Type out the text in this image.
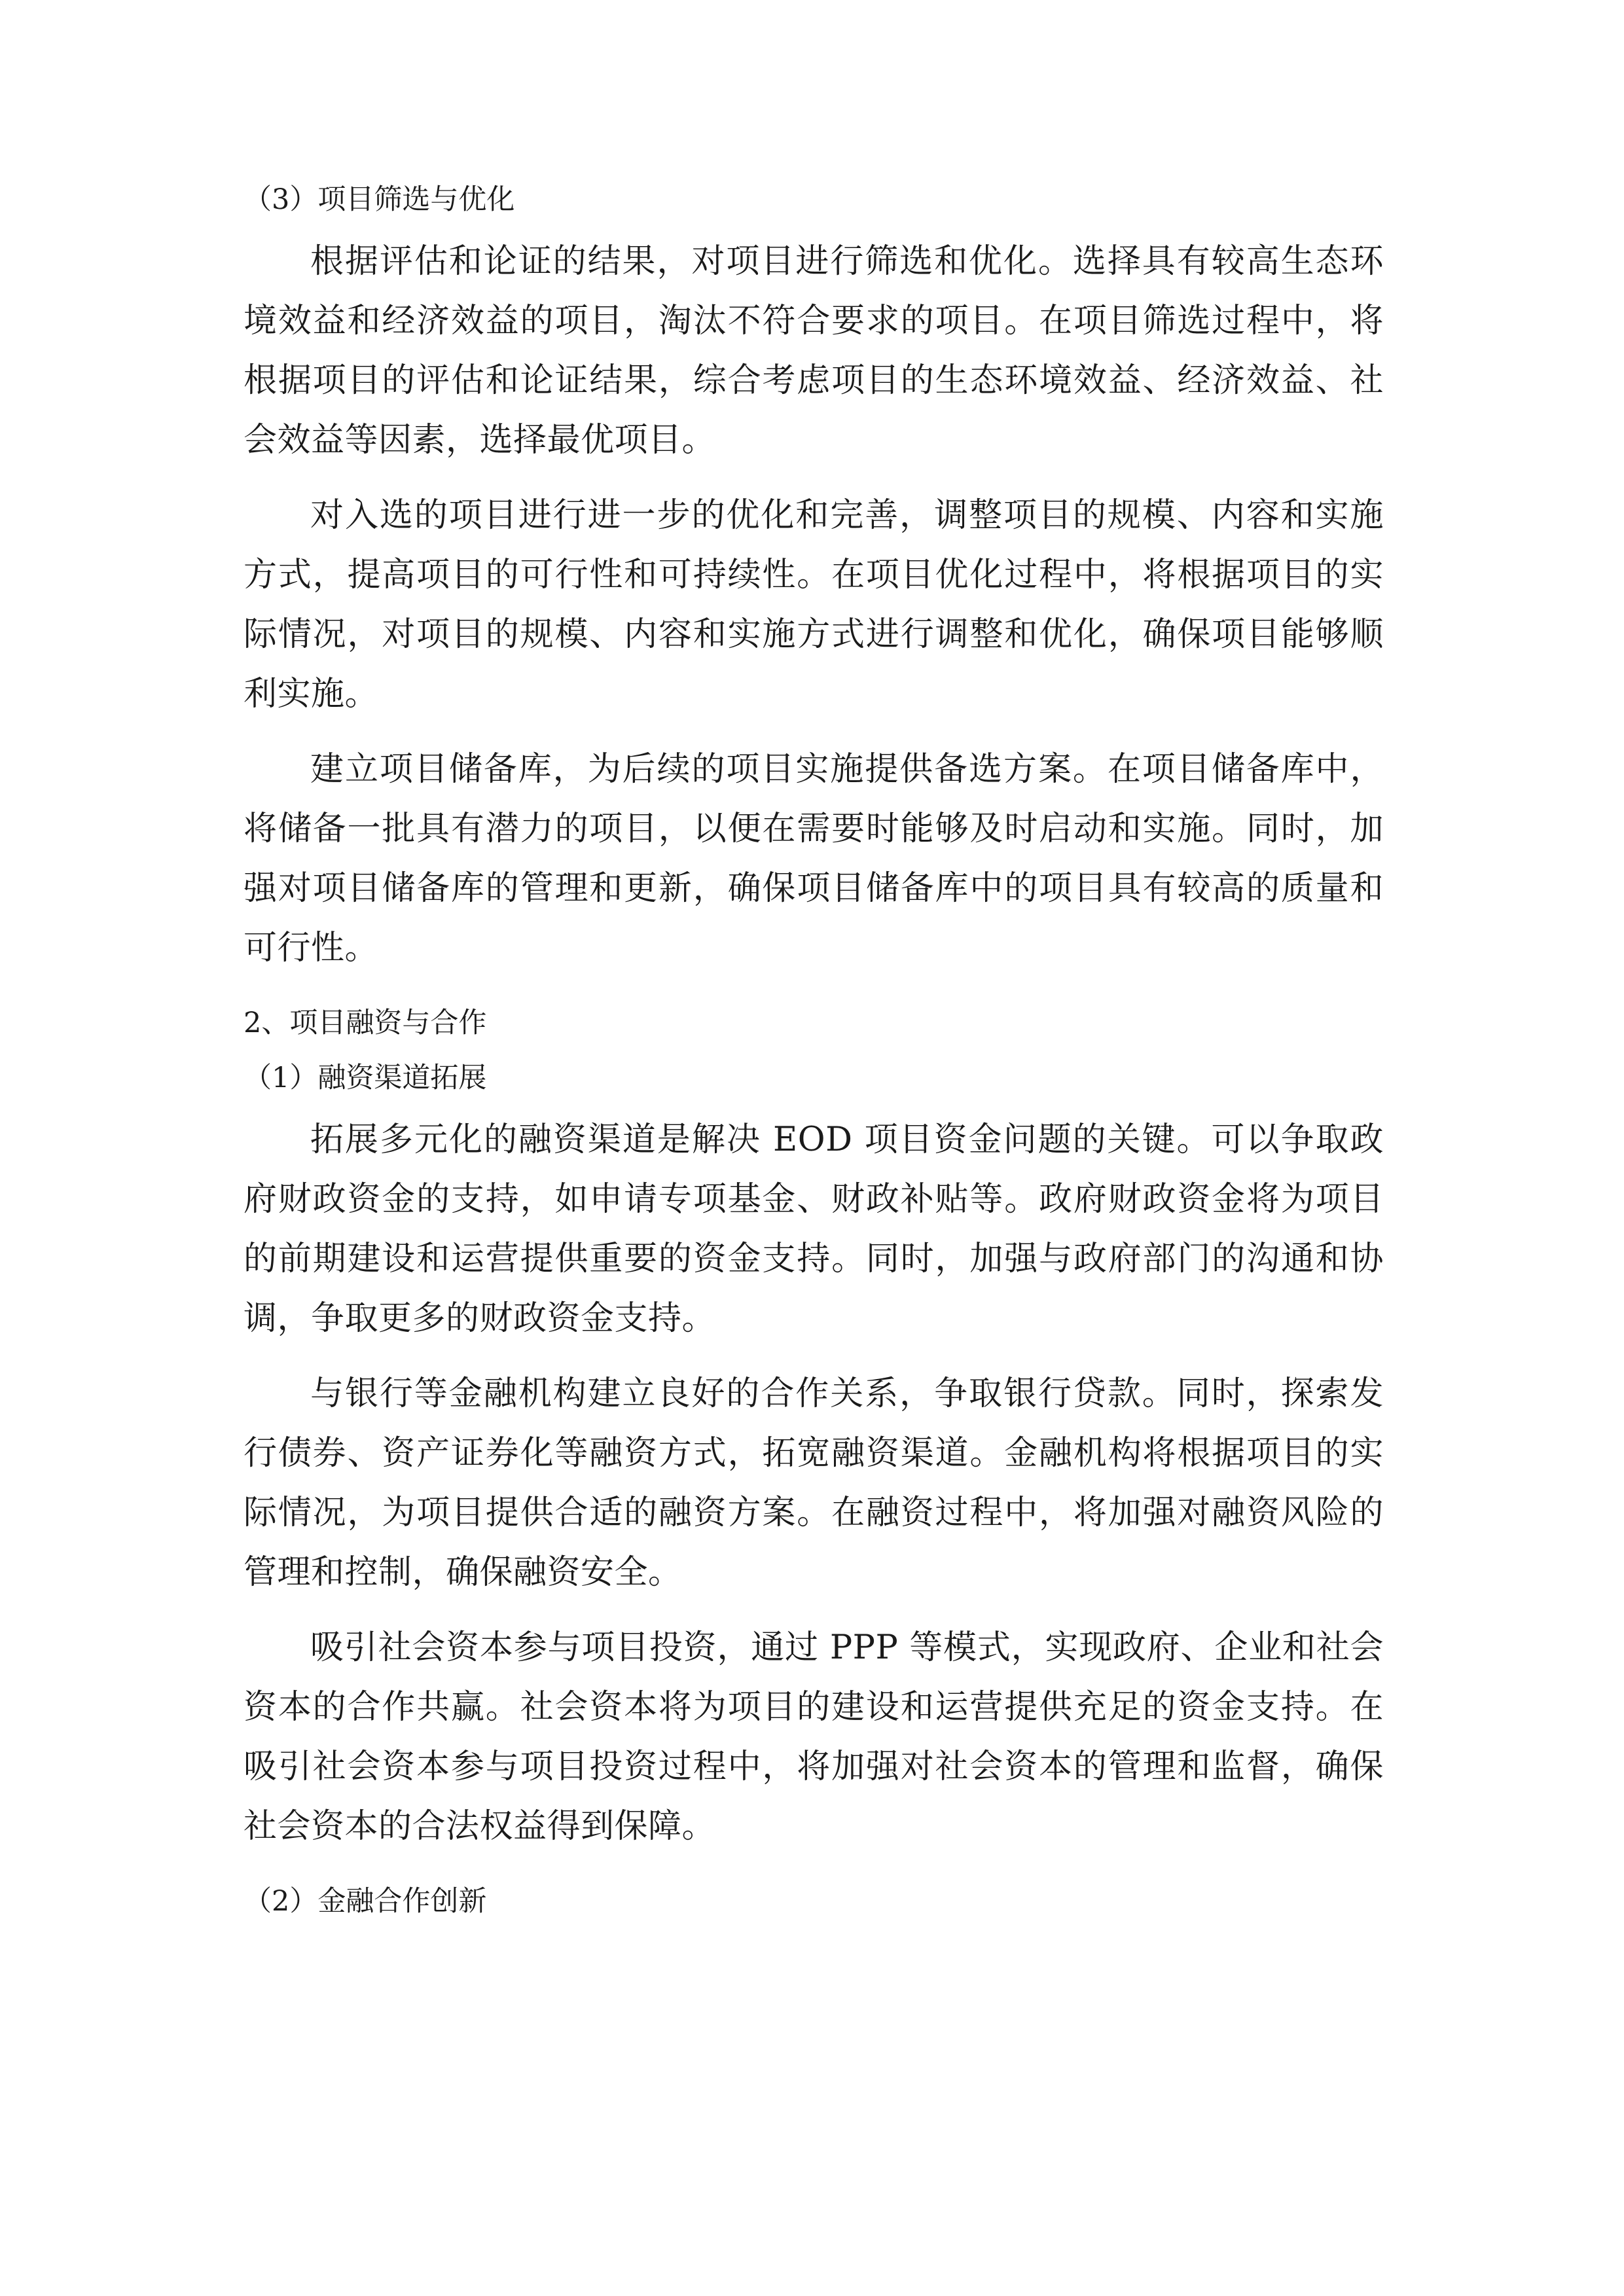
（3）项目筛选与优化

根据评估和论证的结果，对项目进行筛选和优化。选择具有较高生态环境效益和经济效益的项目，淘汰不符合要求的项目。在项目筛选过程中，将根据项目的评估和论证结果，综合考虑项目的生态环境效益、经济效益、社会效益等因素，选择最优项目。

对入选的项目进行进一步的优化和完善，调整项目的规模、内容和实施方式，提高项目的可行性和可持续性。在项目优化过程中，将根据项目的实际情况，对项目的规模、内容和实施方式进行调整和优化，确保项目能够顺利实施。

建立项目储备库，为后续的项目实施提供备选方案。在项目储备库中，将储备一批具有潜力的项目，以便在需要时能够及时启动和实施。同时，加强对项目储备库的管理和更新，确保项目储备库中的项目具有较高的质量和可行性。

2、项目融资与合作

（1）融资渠道拓展

拓展多元化的融资渠道是解决 EOD 项目资金问题的关键。可以争取政府财政资金的支持，如申请专项基金、财政补贴等。政府财政资金将为项目的前期建设和运营提供重要的资金支持。同时，加强与政府部门的沟通和协调，争取更多的财政资金支持。

与银行等金融机构建立良好的合作关系，争取银行贷款。同时，探索发行债券、资产证券化等融资方式，拓宽融资渠道。金融机构将根据项目的实际情况，为项目提供合适的融资方案。在融资过程中，将加强对融资风险的管理和控制，确保融资安全。

吸引社会资本参与项目投资，通过 PPP 等模式，实现政府、企业和社会资本的合作共赢。社会资本将为项目的建设和运营提供充足的资金支持。在吸引社会资本参与项目投资过程中，将加强对社会资本的管理和监督，确保社会资本的合法权益得到保障。

（2）金融合作创新
